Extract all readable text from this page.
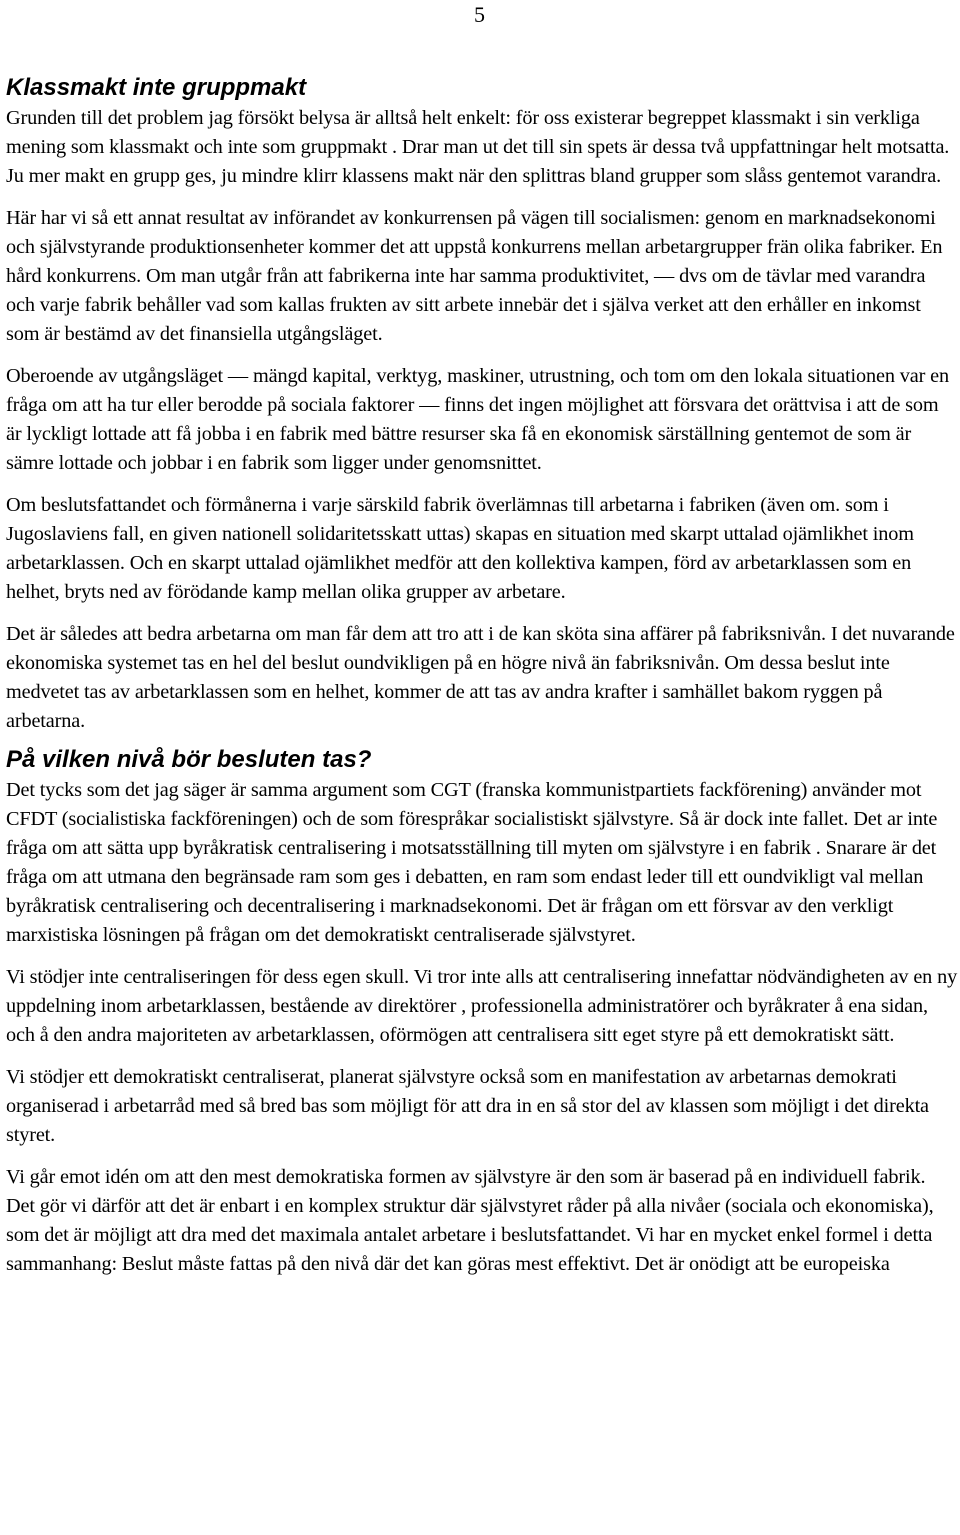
5
Klassmakt inte gruppmakt

Grunden till det problem jag försökt belysa är alltså helt enkelt: för oss existerar begreppet klassmakt i sin verkliga mening som klassmakt och inte som gruppmakt . Drar man ut det till sin spets är dessa två uppfattningar helt motsatta. Ju mer makt en grupp ges, ju mindre klirr klassens makt när den splittras bland grupper som slåss gentemot varandra.

Här har vi så ett annat resultat av införandet av konkurrensen på vägen till socialismen: genom en marknadsekonomi och självstyrande produktionsenheter kommer det att uppstå konkurrens mellan arbetargrupper frän olika fabriker. En hård konkurrens. Om man utgår från att fabrikerna inte har samma produktivitet, — dvs om de tävlar med varandra och varje fabrik behåller vad som kallas frukten av sitt arbete innebär det i själva verket att den erhåller en inkomst som är bestämd av det finansiella utgångsläget.

Oberoende av utgångsläget — mängd kapital, verktyg, maskiner, utrustning, och tom om den lokala situationen var en fråga om att ha tur eller berodde på sociala faktorer — finns det ingen möjlighet att försvara det orättvisa i att de som är lyckligt lottade att få jobba i en fabrik med bättre resurser ska få en ekonomisk särställning gentemot de som är sämre lottade och jobbar i en fabrik som ligger under genomsnittet.

Om beslutsfattandet och förmånerna i varje särskild fabrik överlämnas till arbetarna i fabriken (även om. som i Jugoslaviens fall, en given nationell solidaritetsskatt uttas) skapas en situation med skarpt uttalad ojämlikhet inom arbetarklassen. Och en skarpt uttalad ojämlikhet medför att den kollektiva kampen, förd av arbetarklassen som en helhet, bryts ned av förödande kamp mellan olika grupper av arbetare.

Det är således att bedra arbetarna om man får dem att tro att i de kan sköta sina affärer på fabriksnivån. I det nuvarande ekonomiska systemet tas en hel del beslut oundvikligen på en högre nivå än fabriksnivån. Om dessa beslut inte medvetet tas av arbetarklassen som en helhet, kommer de att tas av andra krafter i samhället bakom ryggen på arbetarna.

På vilken nivå bör besluten tas?

Det tycks som det jag säger är samma argument som CGT (franska kommunistpartiets fackförening) använder mot CFDT (socialistiska fackföreningen) och de som förespråkar socialistiskt självstyre. Så är dock inte fallet. Det ar inte fråga om att sätta upp byråkratisk centralisering i motsatsställning till myten om självstyre i en fabrik . Snarare är det fråga om att utmana den begränsade ram som ges i debatten, en ram som endast leder till ett oundvikligt val mellan byråkratisk centralisering och decentralisering i marknadsekonomi. Det är frågan om ett försvar av den verkligt marxistiska lösningen på frågan om det demokratiskt centraliserade självstyret.

Vi stödjer inte centraliseringen för dess egen skull. Vi tror inte alls att centralisering innefattar nödvändigheten av en ny uppdelning inom arbetarklassen, bestående av direktörer , professionella administratörer och byråkrater å ena sidan, och å den andra majoriteten av arbetarklassen, oförmögen att centralisera sitt eget styre på ett demokratiskt sätt.

Vi stödjer ett demokratiskt centraliserat, planerat självstyre också som en manifestation av arbetarnas demokrati organiserad i arbetarråd med så bred bas som möjligt för att dra in en så stor del av klassen som möjligt i det direkta styret.

Vi går emot idén om att den mest demokratiska formen av självstyre är den som är baserad på en individuell fabrik. Det gör vi därför att det är enbart i en komplex struktur där självstyret råder på alla nivåer (sociala och ekonomiska), som det är möjligt att dra med det maximala antalet arbetare i beslutsfattandet. Vi har en mycket enkel formel i detta sammanhang: Beslut måste fattas på den nivå där det kan göras mest effektivt. Det är onödigt att be europeiska
